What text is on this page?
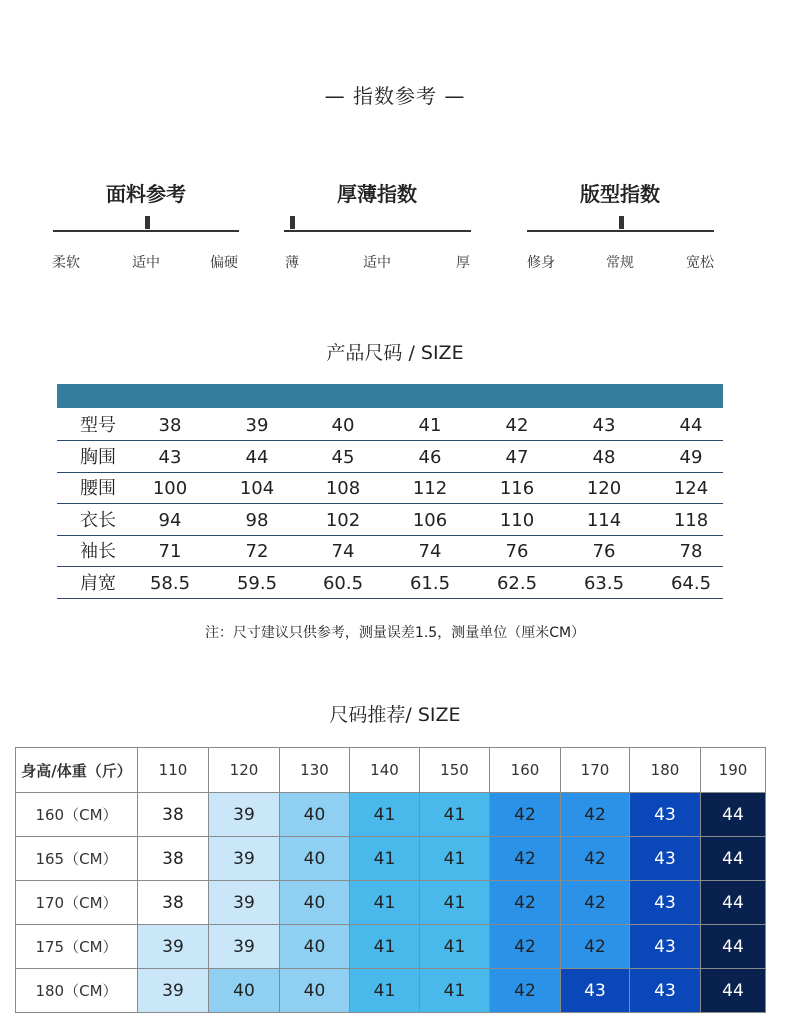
— 指数参考 —
面料参考
柔软	适中	偏硬
厚薄指数
薄	适中	厚
版型指数
修身	常规	宽松
产品尺码 / SIZE
型号	38	39	40	41	42	43	44
胸围	43	44	45	46	47	48	49
腰围	100	104	108	112	116	120	124
衣长	94	98	102	106	110	114	118
袖长	71	72	74	74	76	76	78
肩宽	58.5	59.5	60.5	61.5	62.5	63.5	64.5
注：尺寸建议只供参考，测量误差1.5，测量单位（厘米CM）
尺码推荐/ SIZE
身高/体重（斤）	110	120	130	140	150	160	170	180	190
160（CM）	38	39	40	41	41	42	42	43	44
165（CM）	38	39	40	41	41	42	42	43	44
170（CM）	38	39	40	41	41	42	42	43	44
175（CM）	39	39	40	41	41	42	42	43	44
180（CM）	39	40	40	41	41	42	43	43	44
